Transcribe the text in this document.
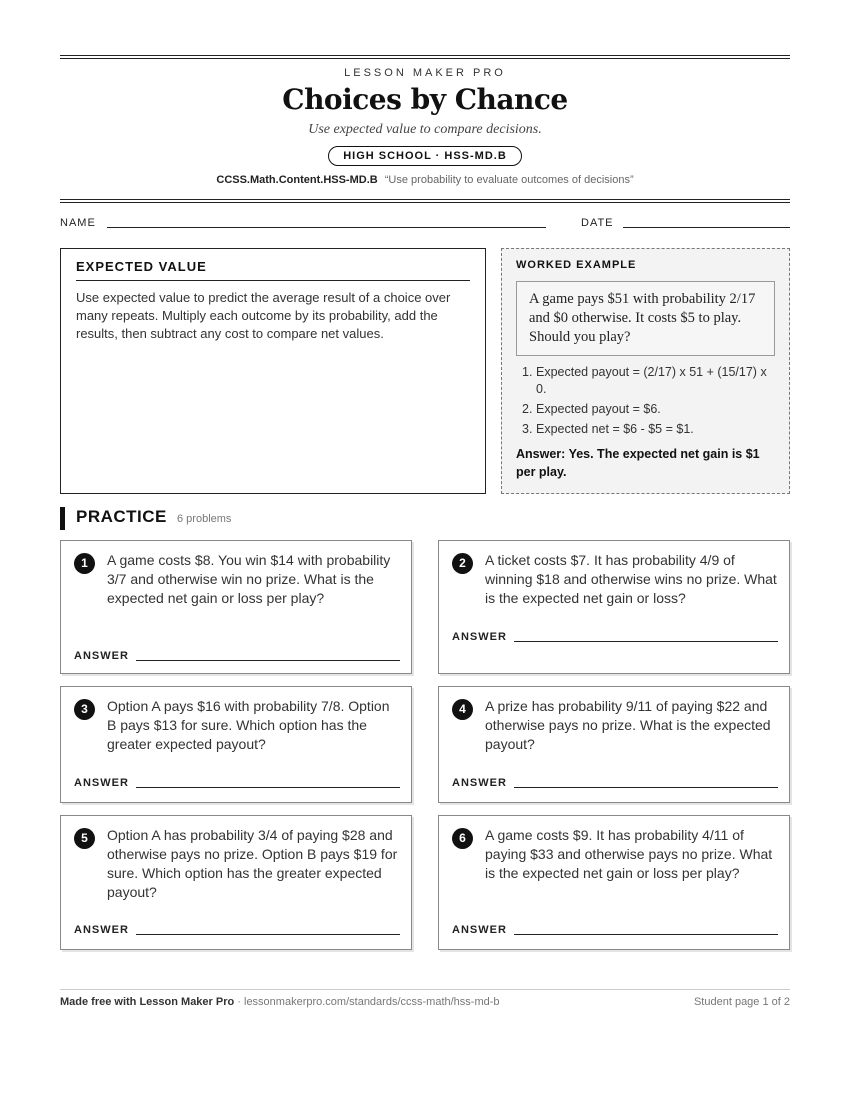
LESSON MAKER PRO
Choices by Chance
Use expected value to compare decisions.
HIGH SCHOOL · HSS-MD.B
CCSS.Math.Content.HSS-MD.B “Use probability to evaluate outcomes of decisions”
NAME	DATE
EXPECTED VALUE
Use expected value to predict the average result of a choice over many repeats. Multiply each outcome by its probability, add the results, then subtract any cost to compare net values.
WORKED EXAMPLE
A game pays $51 with probability 2/17 and $0 otherwise. It costs $5 to play. Should you play?
1. Expected payout = (2/17) x 51 + (15/17) x 0.
2. Expected payout = $6.
3. Expected net = $6 - $5 = $1.
Answer: Yes. The expected net gain is $1 per play.
PRACTICE 6 problems
1	A game costs $8. You win $14 with probability 3/7 and otherwise win no prize. What is the expected net gain or loss per play?
ANSWER
2	A ticket costs $7. It has probability 4/9 of winning $18 and otherwise wins no prize. What is the expected net gain or loss?
ANSWER
3	Option A pays $16 with probability 7/8. Option B pays $13 for sure. Which option has the greater expected payout?
ANSWER
4	A prize has probability 9/11 of paying $22 and otherwise pays no prize. What is the expected payout?
ANSWER
5	Option A has probability 3/4 of paying $28 and otherwise pays no prize. Option B pays $19 for sure. Which option has the greater expected payout?
ANSWER
6	A game costs $9. It has probability 4/11 of paying $33 and otherwise pays no prize. What is the expected net gain or loss per play?
ANSWER
Made free with Lesson Maker Pro · lessonmakerpro.com/standards/ccss-math/hss-md-b	Student page 1 of 2
